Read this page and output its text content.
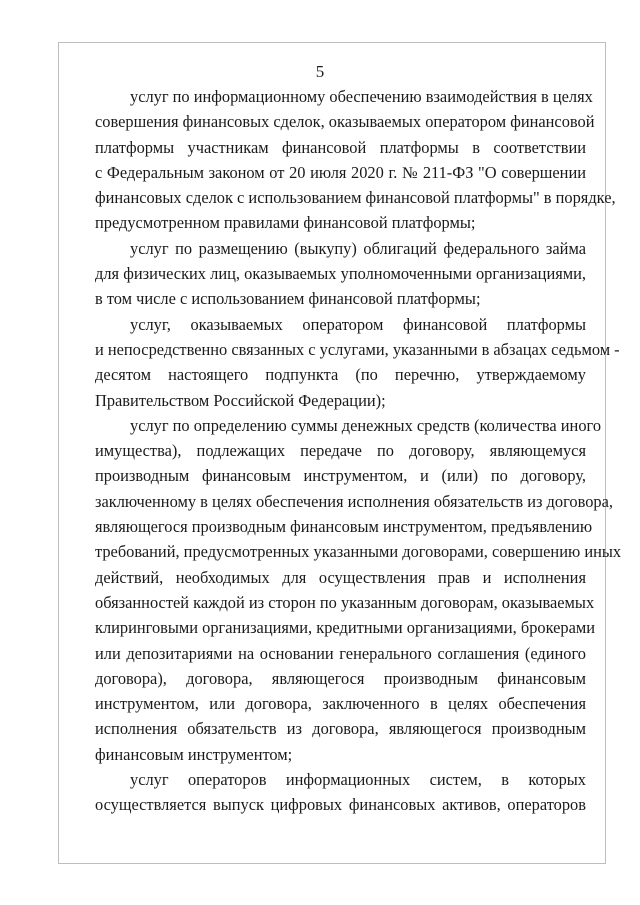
5

услуг по информационному обеспечению взаимодействия в целях
совершения финансовых сделок, оказываемых оператором финансовой
платформы участникам финансовой платформы в соответствии
с Федеральным законом от 20 июля 2020 г. № 211-ФЗ "О совершении
финансовых сделок с использованием финансовой платформы" в порядке,
предусмотренном правилами финансовой платформы;

услуг по размещению (выкупу) облигаций федерального займа
для физических лиц, оказываемых уполномоченными организациями,
в том числе с использованием финансовой платформы;

услуг, оказываемых оператором финансовой платформы
и непосредственно связанных с услугами, указанными в абзацах седьмом -
десятом настоящего подпункта (по перечню, утверждаемому
Правительством Российской Федерации);

услуг по определению суммы денежных средств (количества иного
имущества), подлежащих передаче по договору, являющемуся
производным финансовым инструментом, и (или) по договору,
заключенному в целях обеспечения исполнения обязательств из договора,
являющегося производным финансовым инструментом, предъявлению
требований, предусмотренных указанными договорами, совершению иных
действий, необходимых для осуществления прав и исполнения
обязанностей каждой из сторон по указанным договорам, оказываемых
клиринговыми организациями, кредитными организациями, брокерами
или депозитариями на основании генерального соглашения (единого
договора), договора, являющегося производным финансовым
инструментом, или договора, заключенного в целях обеспечения
исполнения обязательств из договора, являющегося производным
финансовым инструментом;

услуг операторов информационных систем, в которых
осуществляется выпуск цифровых финансовых активов, операторов
